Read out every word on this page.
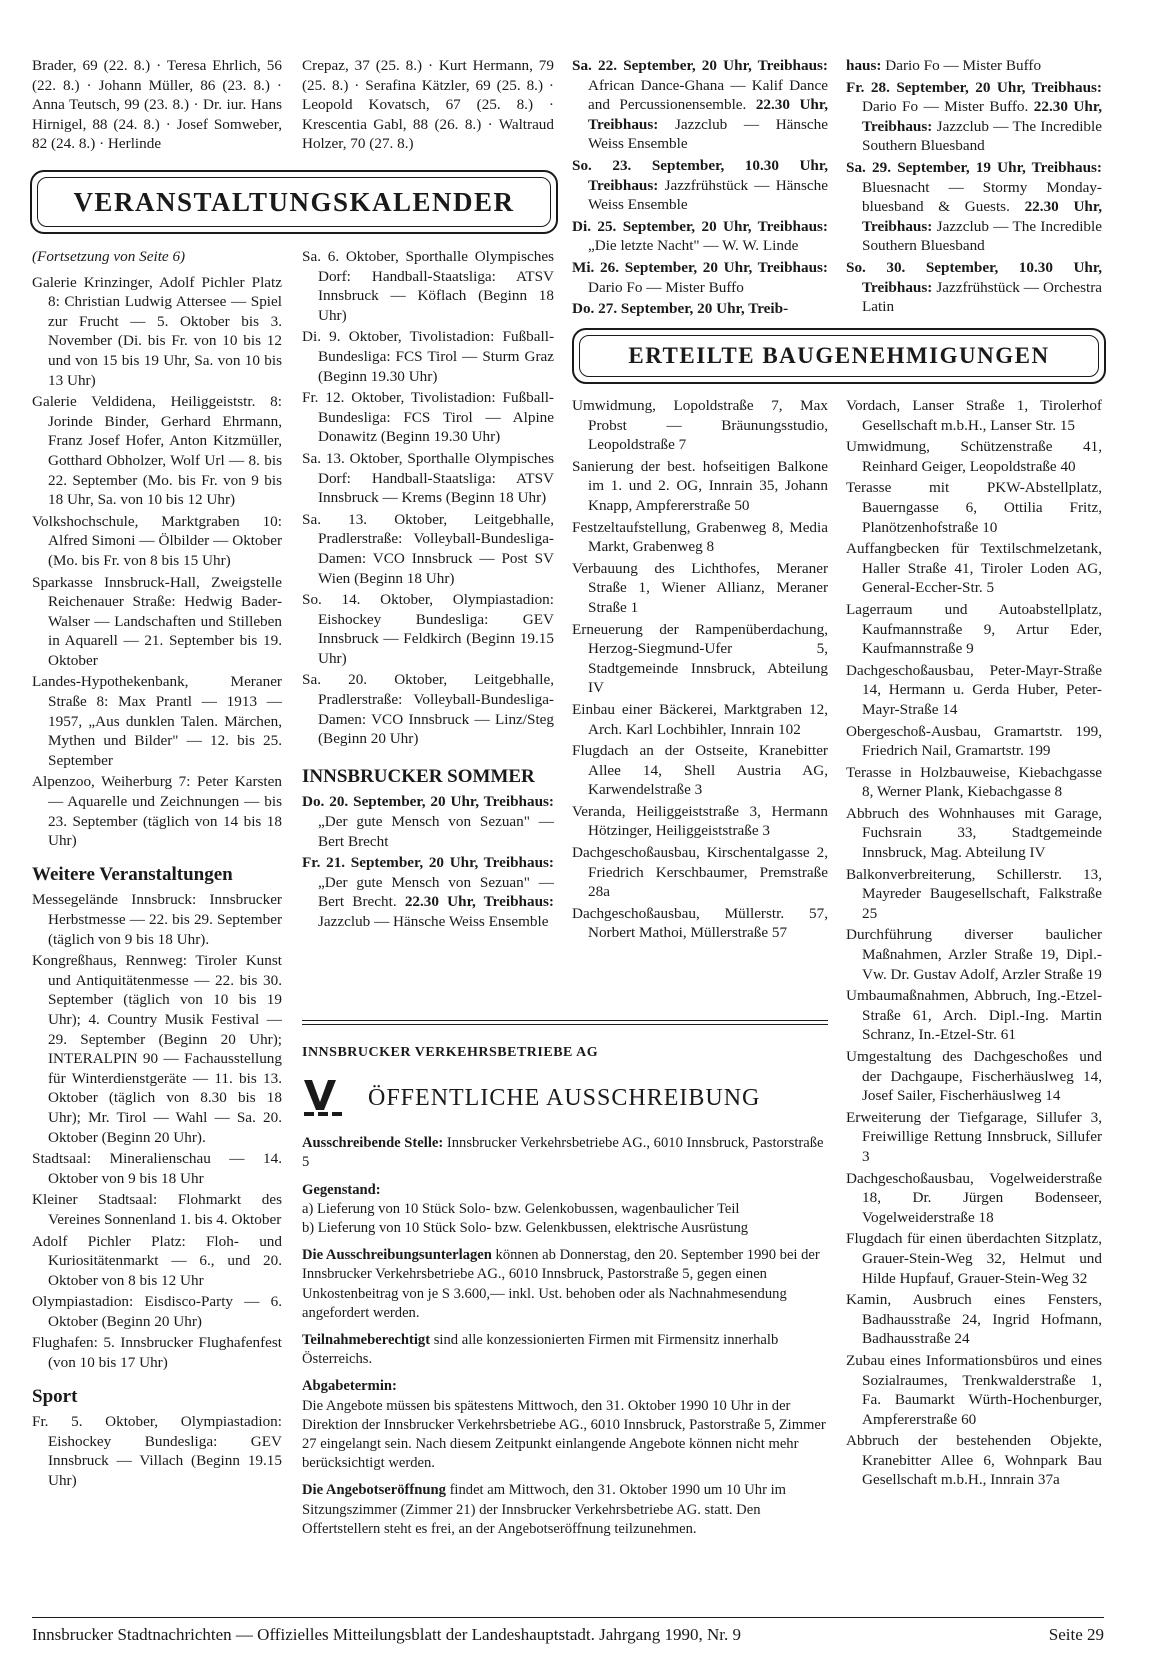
Brader, 69 (22. 8.) · Teresa Ehrlich, 56 (22. 8.) · Johann Müller, 86 (23. 8.) · Anna Teutsch, 99 (23. 8.) · Dr. iur. Hans Hirnigel, 88 (24. 8.) · Josef Somweber, 82 (24. 8.) · Herlinde
Crepaz, 37 (25. 8.) · Kurt Hermann, 79 (25. 8.) · Serafina Kätzler, 69 (25. 8.) · Leopold Kovatsch, 67 (25. 8.) · Krescentia Gabl, 88 (26. 8.) · Waltraud Holzer, 70 (27. 8.)
VERANSTALTUNGSKALENDER
(Fortsetzung von Seite 6)
Galerie Krinzinger, Adolf Pichler Platz 8: Christian Ludwig Attersee — Spiel zur Frucht — 5. Oktober bis 3. November (Di. bis Fr. von 10 bis 12 und von 15 bis 19 Uhr, Sa. von 10 bis 13 Uhr)
Galerie Veldidena, Heiliggeiststr. 8: Jorinde Binder, Gerhard Ehrmann, Franz Josef Hofer, Anton Kitzmüller, Gotthard Obholzer, Wolf Url — 8. bis 22. September (Mo. bis Fr. von 9 bis 18 Uhr, Sa. von 10 bis 12 Uhr)
Volkshochschule, Marktgraben 10: Alfred Simoni — Ölbilder — Oktober (Mo. bis Fr. von 8 bis 15 Uhr)
Sparkasse Innsbruck-Hall, Zweigstelle Reichenauer Straße: Hedwig Bader-Walser — Landschaften und Stilleben in Aquarell — 21. September bis 19. Oktober
Landes-Hypothekenbank, Meraner Straße 8: Max Prantl — 1913 — 1957, „Aus dunklen Talen. Märchen, Mythen und Bilder" — 12. bis 25. September
Alpenzoo, Weiherburg 7: Peter Karsten — Aquarelle und Zeichnungen — bis 23. September (täglich von 14 bis 18 Uhr)
Weitere Veranstaltungen
Messegelände Innsbruck: Innsbrucker Herbstmesse — 22. bis 29. September (täglich von 9 bis 18 Uhr).
Kongreßhaus, Rennweg: Tiroler Kunst und Antiquitätenmesse — 22. bis 30. September (täglich von 10 bis 19 Uhr); 4. Country Musik Festival — 29. September (Beginn 20 Uhr); INTERALPIN 90 — Fachausstellung für Winterdienstgeräte — 11. bis 13. Oktober (täglich von 8.30 bis 18 Uhr); Mr. Tirol — Wahl — Sa. 20. Oktober (Beginn 20 Uhr).
Stadtsaal: Mineralienschau — 14. Oktober von 9 bis 18 Uhr
Kleiner Stadtsaal: Flohmarkt des Vereines Sonnenland 1. bis 4. Oktober
Adolf Pichler Platz: Floh- und Kuriositätenmarkt — 6., und 20. Oktober von 8 bis 12 Uhr
Olympiastadion: Eisdisco-Party — 6. Oktober (Beginn 20 Uhr)
Flughafen: 5. Innsbrucker Flughafenfest (von 10 bis 17 Uhr)
Sport
Fr. 5. Oktober, Olympiastadion: Eishockey Bundesliga: GEV Innsbruck — Villach (Beginn 19.15 Uhr)
Sa. 6. Oktober, Sporthalle Olympisches Dorf: Handball-Staatsliga: ATSV Innsbruck — Köflach (Beginn 18 Uhr)
Di. 9. Oktober, Tivolistadion: Fußball-Bundesliga: FCS Tirol — Sturm Graz (Beginn 19.30 Uhr)
Fr. 12. Oktober, Tivolistadion: Fußball-Bundesliga: FCS Tirol — Alpine Donawitz (Beginn 19.30 Uhr)
Sa. 13. Oktober, Sporthalle Olympisches Dorf: Handball-Staatsliga: ATSV Innsbruck — Krems (Beginn 18 Uhr)
Sa. 13. Oktober, Leitgebhalle, Pradlerstraße: Volleyball-Bundesliga-Damen: VCO Innsbruck — Post SV Wien (Beginn 18 Uhr)
So. 14. Oktober, Olympiastadion: Eishockey Bundesliga: GEV Innsbruck — Feldkirch (Beginn 19.15 Uhr)
Sa. 20. Oktober, Leitgebhalle, Pradlerstraße: Volleyball-Bundesliga-Damen: VCO Innsbruck — Linz/Steg (Beginn 20 Uhr)
INNSBRUCKER SOMMER
Do. 20. September, 20 Uhr, Treibhaus: „Der gute Mensch von Sezuan" — Bert Brecht
Fr. 21. September, 20 Uhr, Treibhaus: „Der gute Mensch von Sezuan" — Bert Brecht. 22.30 Uhr, Treibhaus: Jazzclub — Hänsche Weiss Ensemble
Sa. 22. September, 20 Uhr, Treibhaus: African Dance-Ghana — Kalif Dance and Percussionensemble. 22.30 Uhr, Treibhaus: Jazzclub — Hänsche Weiss Ensemble
So. 23. September, 10.30 Uhr, Treibhaus: Jazzfrühstück — Hänsche Weiss Ensemble
Di. 25. September, 20 Uhr, Treibhaus: „Die letzte Nacht" — W. W. Linde
Mi. 26. September, 20 Uhr, Treibhaus: Dario Fo — Mister Buffo
Do. 27. September, 20 Uhr, Treib-
haus: Dario Fo — Mister Buffo
Fr. 28. September, 20 Uhr, Treibhaus: Dario Fo — Mister Buffo. 22.30 Uhr, Treibhaus: Jazzclub — The Incredible Southern Bluesband
Sa. 29. September, 19 Uhr, Treibhaus: Bluesnacht — Stormy Monday-bluesband & Guests. 22.30 Uhr, Treibhaus: Jazzclub — The Incredible Southern Bluesband
So. 30. September, 10.30 Uhr, Treibhaus: Jazzfrühstück — Orchestra Latin
ERTEILTE BAUGENEHMIGUNGEN
Umwidmung, Lopoldstraße 7, Max Probst — Bräunungsstudio, Leopoldstraße 7
Sanierung der best. hofseitigen Balkone im 1. und 2. OG, Innrain 35, Johann Knapp, Ampfererstraße 50
Festzeltaufstellung, Grabenweg 8, Media Markt, Grabenweg 8
Verbauung des Lichthofes, Meraner Straße 1, Wiener Allianz, Meraner Straße 1
Erneuerung der Rampenüberdachung, Herzog-Siegmund-Ufer 5, Stadtgemeinde Innsbruck, Abteilung IV
Einbau einer Bäckerei, Marktgraben 12, Arch. Karl Lochbihler, Innrain 102
Flugdach an der Ostseite, Kranebitter Allee 14, Shell Austria AG, Karwendelstraße 3
Veranda, Heiliggeiststraße 3, Hermann Hötzinger, Heiliggeiststraße 3
Dachgeschoßausbau, Kirschentalgasse 2, Friedrich Kerschbaumer, Premstraße 28a
Dachgeschoßausbau, Müllerstr. 57, Norbert Mathoi, Müllerstraße 57
Vordach, Lanser Straße 1, Tirolerhof Gesellschaft m.b.H., Lanser Str. 15
Umwidmung, Schützenstraße 41, Reinhard Geiger, Leopoldstraße 40
Terasse mit PKW-Abstellplatz, Bauerngasse 6, Ottilia Fritz, Planötzenhofstraße 10
Auffangbecken für Textilschmelzetank, Haller Straße 41, Tiroler Loden AG, General-Eccher-Str. 5
Lagerraum und Autoabstellplatz, Kaufmannstraße 9, Artur Eder, Kaufmannstraße 9
Dachgeschoßausbau, Peter-Mayr-Straße 14, Hermann u. Gerda Huber, Peter-Mayr-Straße 14
Obergeschoß-Ausbau, Gramartstr. 199, Friedrich Nail, Gramartstr. 199
Terasse in Holzbauweise, Kiebachgasse 8, Werner Plank, Kiebachgasse 8
Abbruch des Wohnhauses mit Garage, Fuchsrain 33, Stadtgemeinde Innsbruck, Mag. Abteilung IV
Balkonverbreiterung, Schillerstr. 13, Mayreder Baugesellschaft, Falkstraße 25
Durchführung diverser baulicher Maßnahmen, Arzler Straße 19, Dipl.-Vw. Dr. Gustav Adolf, Arzler Straße 19
Umbaumaßnahmen, Abbruch, Ing.-Etzel-Straße 61, Arch. Dipl.-Ing. Martin Schranz, In.-Etzel-Str. 61
Umgestaltung des Dachgeschoßes und der Dachgaupe, Fischerhäuslweg 14, Josef Sailer, Fischerhäuslweg 14
Erweiterung der Tiefgarage, Sillufer 3, Freiwillige Rettung Innsbruck, Sillufer 3
Dachgeschoßausbau, Vogelweiderstraße 18, Dr. Jürgen Bodenseer, Vogelweiderstraße 18
Flugdach für einen überdachten Sitzplatz, Grauer-Stein-Weg 32, Helmut und Hilde Hupfauf, Grauer-Stein-Weg 32
Kamin, Ausbruch eines Fensters, Badhausstraße 24, Ingrid Hofmann, Badhausstraße 24
Zubau eines Informationsbüros und eines Sozialraumes, Trenkwalderstraße 1, Fa. Baumarkt Würth-Hochenburger, Ampfererstraße 60
Abbruch der bestehenden Objekte, Kranebitter Allee 6, Wohnpark Bau Gesellschaft m.b.H., Innrain 37a
INNSBRUCKER VERKEHRSBETRIEBE AG
ÖFFENTLICHE AUSSCHREIBUNG

Ausschreibende Stelle: Innsbrucker Verkehrsbetriebe AG., 6010 Innsbruck, Pastorstraße 5

Gegenstand:
a) Lieferung von 10 Stück Solo- bzw. Gelenkobussen, wagenbaulicher Teil
b) Lieferung von 10 Stück Solo- bzw. Gelenkbussen, elektrische Ausrüstung

Die Ausschreibungsunterlagen können ab Donnerstag, den 20. September 1990 bei der Innsbrucker Verkehrsbetriebe AG., 6010 Innsbruck, Pastorstraße 5, gegen einen Unkostenbeitrag von je S 3.600,— inkl. Ust. behoben oder als Nachnahmesendung angefordert werden.

Teilnahmeberechtigt sind alle konzessionierten Firmen mit Firmensitz innerhalb Österreichs.

Abgabetermin:
Die Angebote müssen bis spätestens Mittwoch, den 31. Oktober 1990 10 Uhr in der Direktion der Innsbrucker Verkehrsbetriebe AG., 6010 Innsbruck, Pastorstraße 5, Zimmer 27 eingelangt sein. Nach diesem Zeitpunkt einlangende Angebote können nicht mehr berücksichtigt werden.

Die Angebotseröffnung findet am Mittwoch, den 31. Oktober 1990 um 10 Uhr im Sitzungszimmer (Zimmer 21) der Innsbrucker Verkehrsbetriebe AG. statt. Den Offertstellern steht es frei, an der Angebotseröffnung teilzunehmen.

Innsbrucker Stadtnachrichten — Offizielles Mitteilungsblatt der Landeshauptstadt. Jahrgang 1990, Nr. 9	Seite 29
